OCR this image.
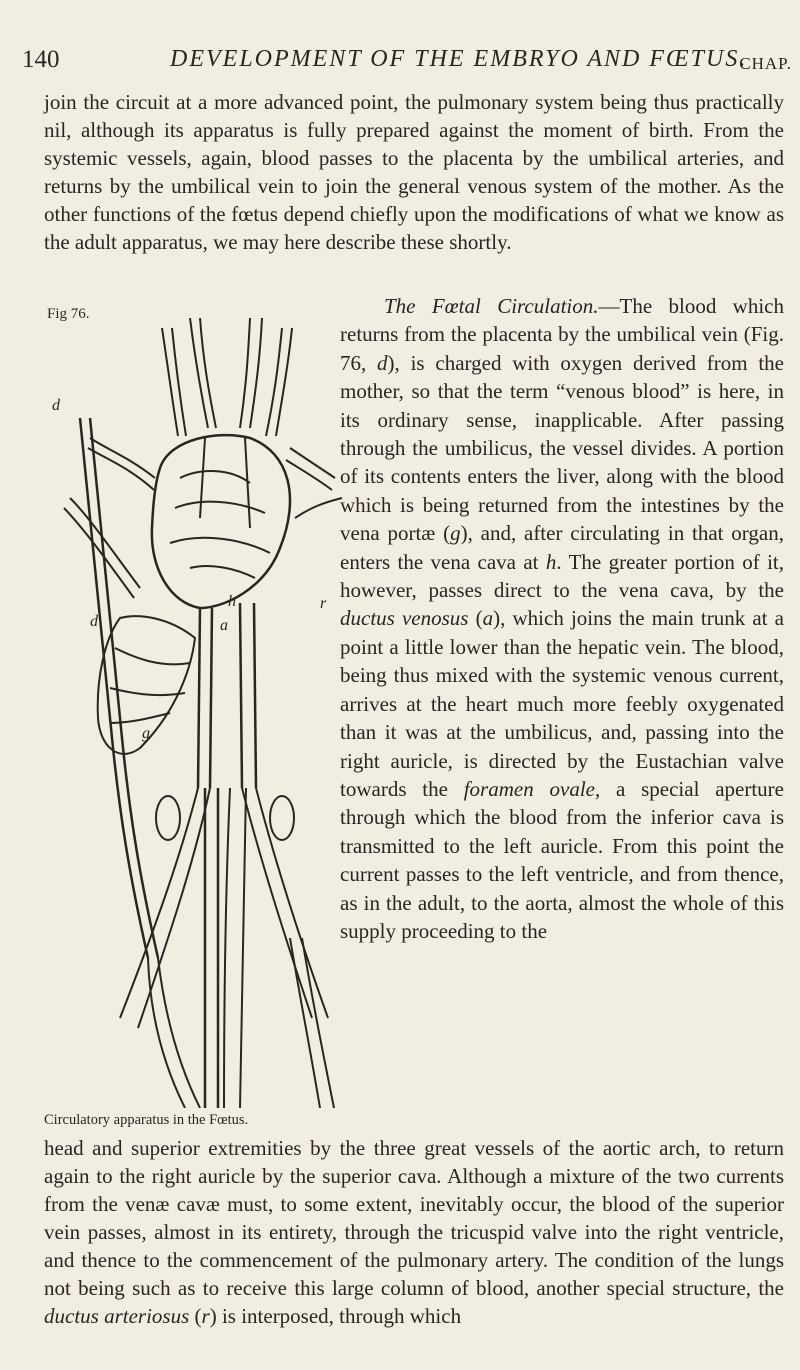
140	DEVELOPMENT OF THE EMBRYO AND FŒTUS.
CHAP.

join the circuit at a more advanced point, the pulmonary system being thus practically nil, although its apparatus is fully prepared against the moment of birth. From the systemic vessels, again, blood passes to the placenta by the umbilical arteries, and returns by the umbilical vein to join the general venous system of the mother. As the other functions of the fœtus depend chiefly upon the modifications of what we know as the adult apparatus, we may here describe these shortly.

Fig 76.
d
r
h
a
d
g
Circulatory apparatus in the Fœtus.

The Fœtal Circulation.—The blood which returns from the placenta by the umbilical vein (Fig. 76, d), is charged with oxygen derived from the mother, so that the term “venous blood” is here, in its ordinary sense, inapplicable. After passing through the umbilicus, the vessel divides. A portion of its contents enters the liver, along with the blood which is being returned from the intestines by the vena portæ (g), and, after circulating in that organ, enters the vena cava at h. The greater portion of it, however, passes direct to the vena cava, by the ductus venosus (a), which joins the main trunk at a point a little lower than the hepatic vein. The blood, being thus mixed with the systemic venous current, arrives at the heart much more feebly oxygenated than it was at the umbilicus, and, passing into the right auricle, is directed by the Eustachian valve towards the foramen ovale, a special aperture through which the blood from the inferior cava is transmitted to the left auricle. From this point the current passes to the left ventricle, and from thence, as in the adult, to the aorta, almost the whole of this supply proceeding to the

head and superior extremities by the three great vessels of the aortic arch, to return again to the right auricle by the superior cava. Although a mixture of the two currents from the venæ cavæ must, to some extent, inevitably occur, the blood of the superior vein passes, almost in its entirety, through the tricuspid valve into the right ventricle, and thence to the commencement of the pulmonary artery. The condition of the lungs not being such as to receive this large column of blood, another special structure, the ductus arteriosus (r) is interposed, through which
